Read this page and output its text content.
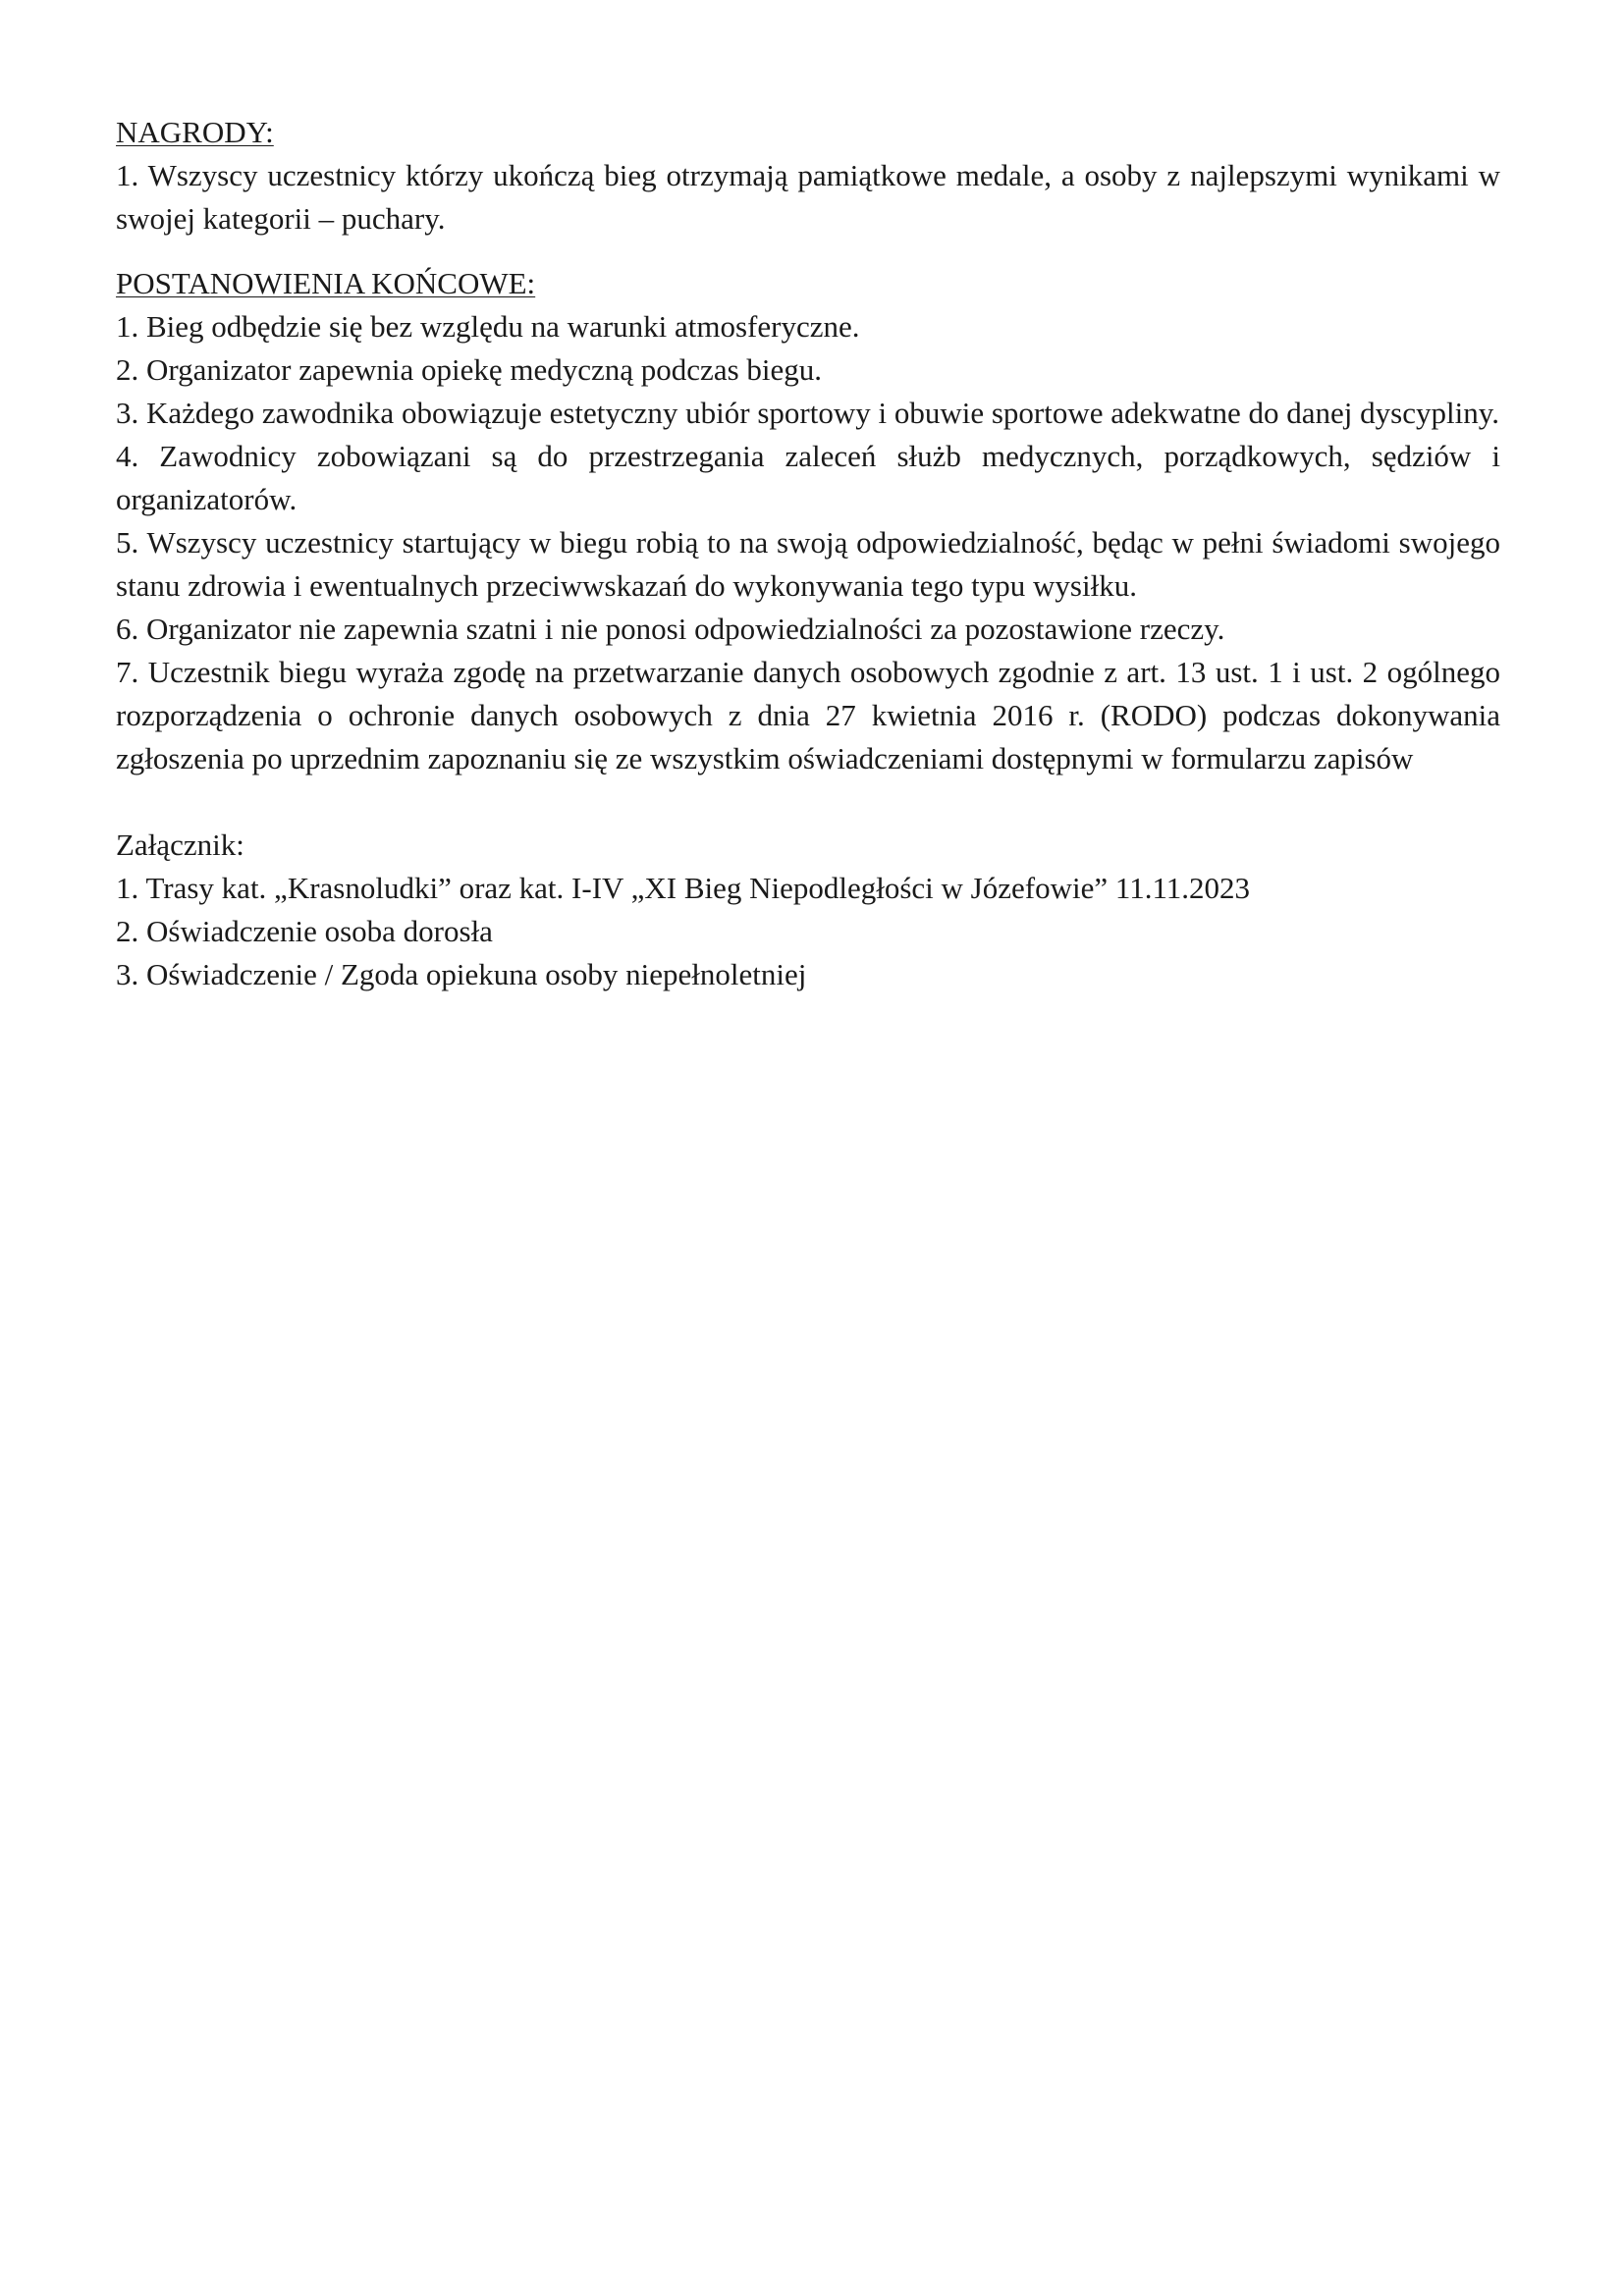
NAGRODY:

1. Wszyscy uczestnicy którzy ukończą bieg otrzymają pamiątkowe medale, a osoby z najlepszymi wynikami w swojej kategorii – puchary.

POSTANOWIENIA KOŃCOWE:

1. Bieg odbędzie się bez względu na warunki atmosferyczne.

2. Organizator zapewnia opiekę medyczną podczas biegu.

3. Każdego zawodnika obowiązuje estetyczny ubiór sportowy i obuwie sportowe adekwatne do danej dyscypliny.

4. Zawodnicy zobowiązani są do przestrzegania zaleceń służb medycznych, porządkowych, sędziów i organizatorów.

5. Wszyscy uczestnicy startujący w biegu robią to na swoją odpowiedzialność, będąc w pełni świadomi swojego stanu zdrowia i ewentualnych przeciwwskazań do wykonywania tego typu wysiłku.

6. Organizator nie zapewnia szatni i nie ponosi odpowiedzialności za pozostawione rzeczy.

7. Uczestnik biegu wyraża zgodę na przetwarzanie danych osobowych zgodnie z art. 13 ust. 1 i ust. 2 ogólnego rozporządzenia o ochronie danych osobowych z dnia 27 kwietnia 2016 r. (RODO) podczas dokonywania zgłoszenia po uprzednim zapoznaniu się ze wszystkim oświadczeniami dostępnymi w formularzu zapisów

Załącznik:

1. Trasy kat. „Krasnoludki” oraz kat. I-IV „XI Bieg Niepodległości w Józefowie” 11.11.2023

2. Oświadczenie osoba dorosła

3. Oświadczenie / Zgoda opiekuna osoby niepełnoletniej
